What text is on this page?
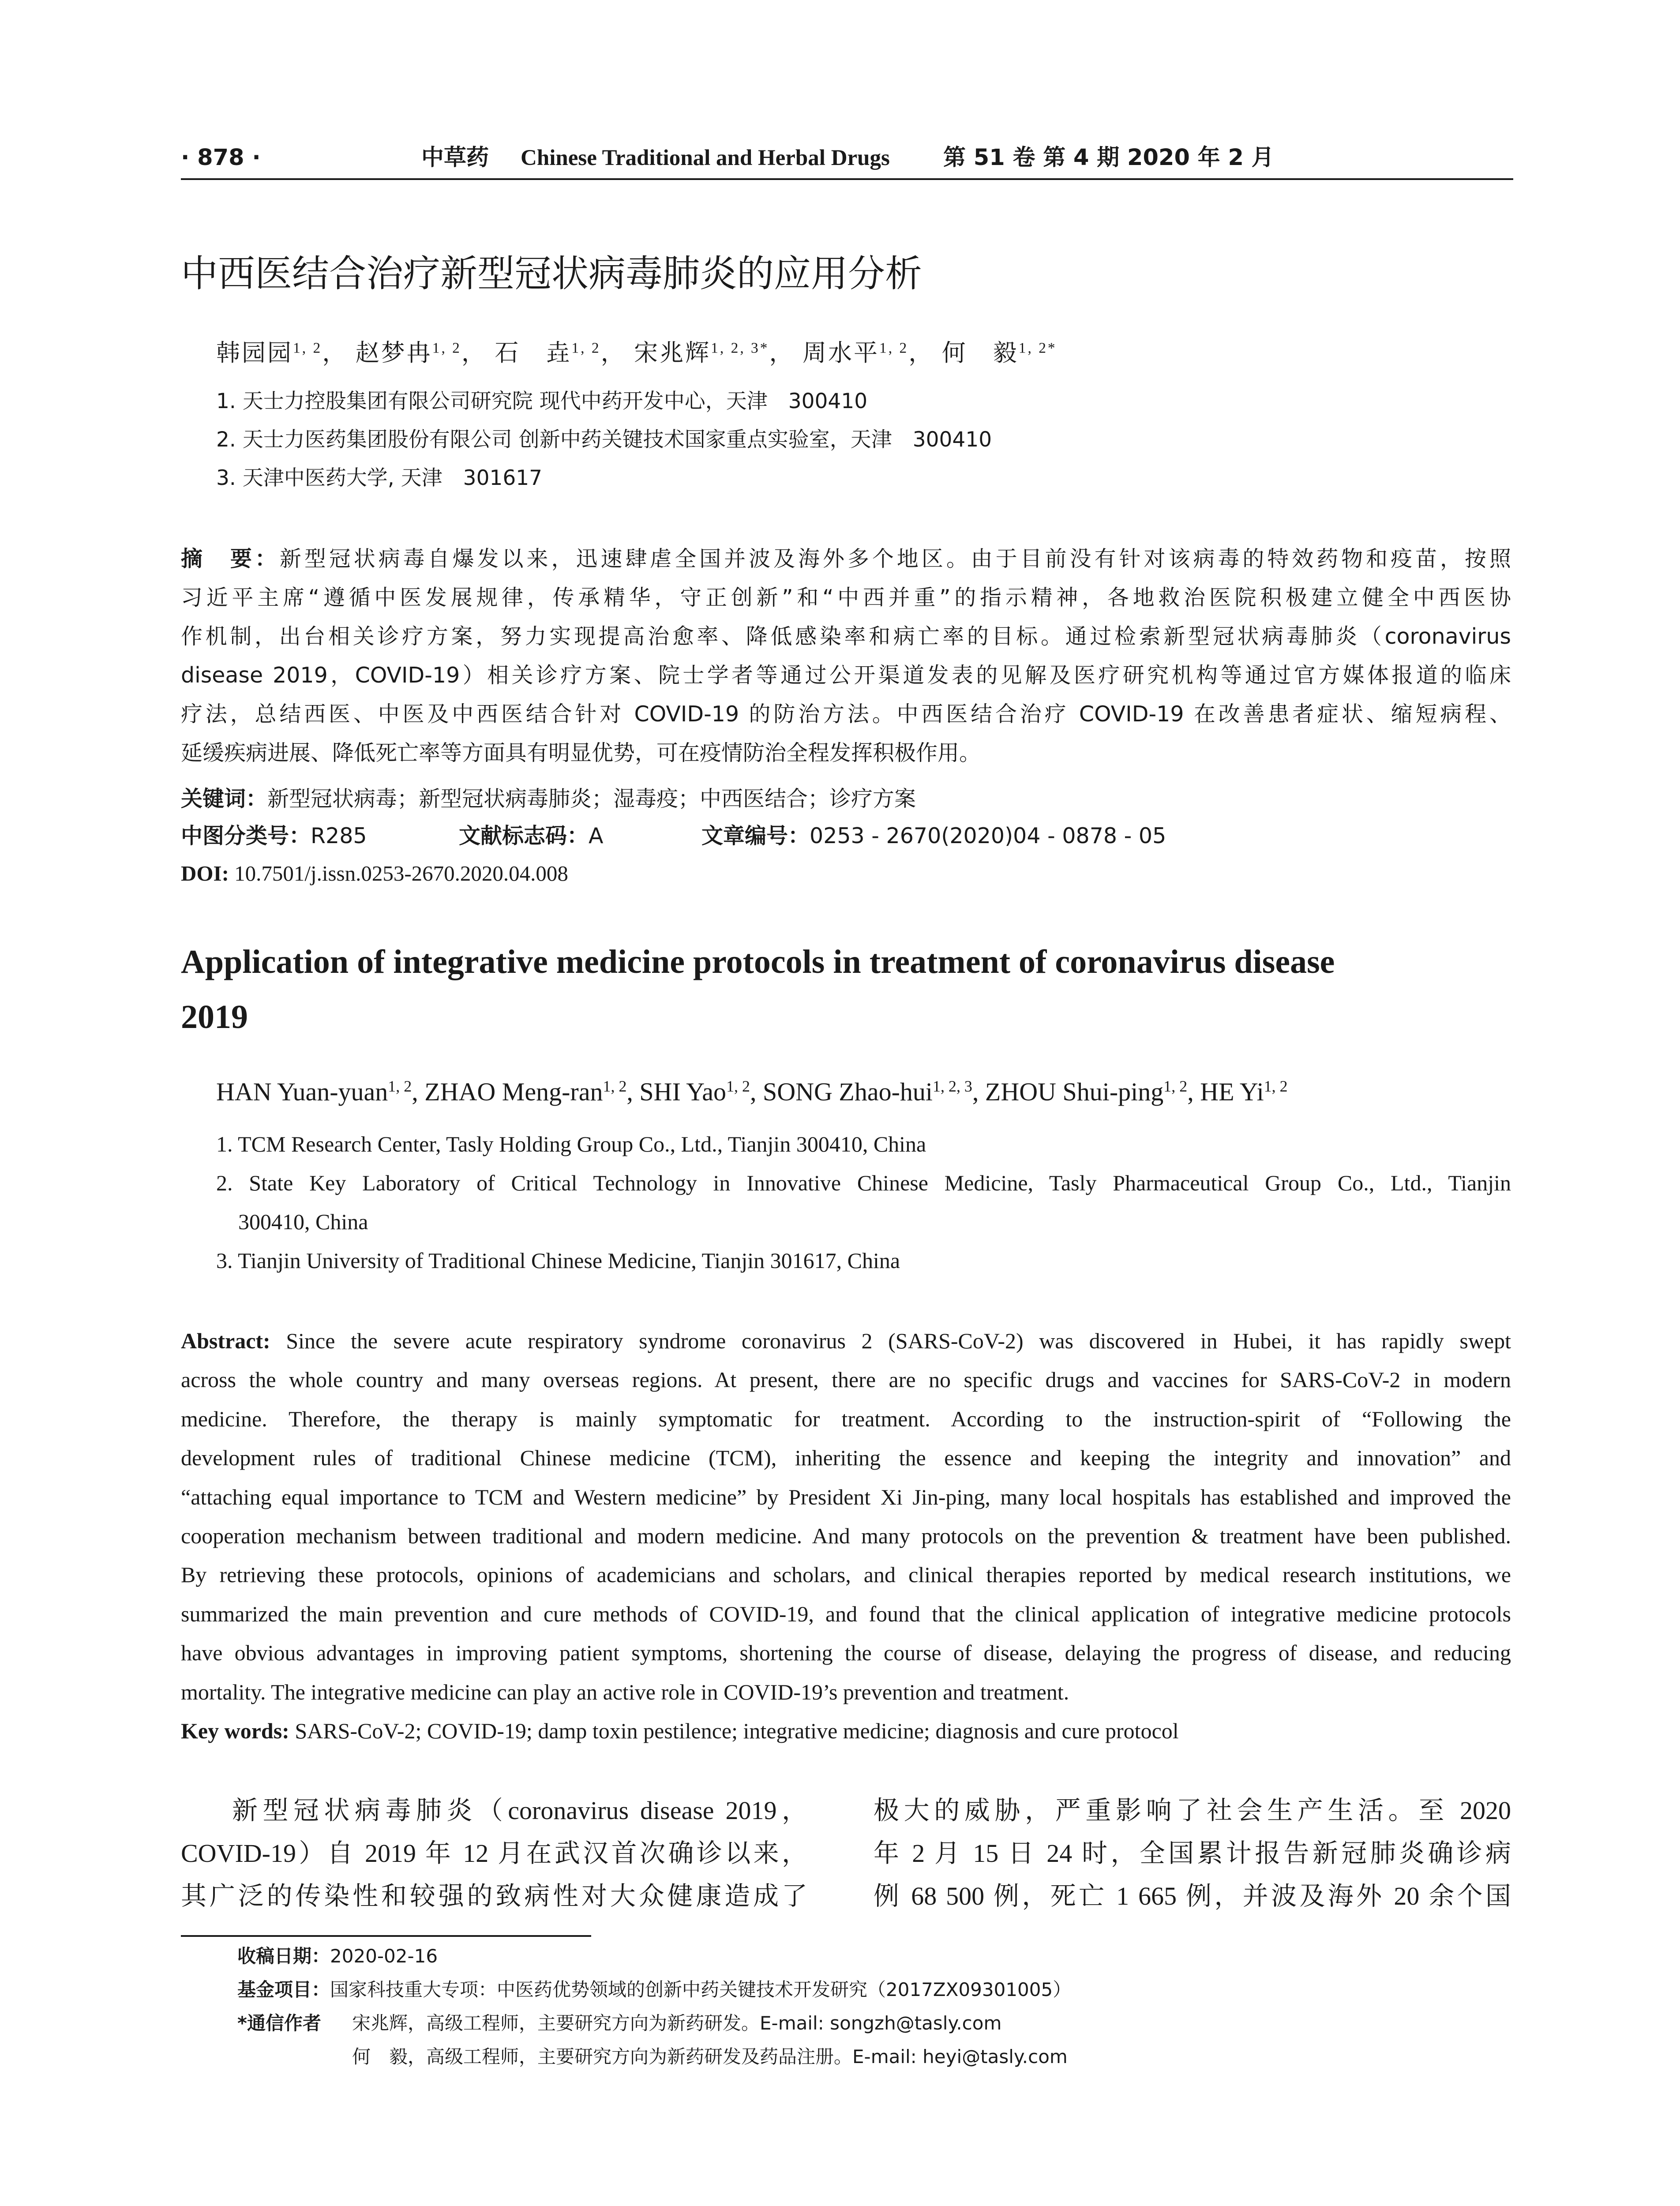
· 878 ·	中草药 Chinese Traditional and Herbal Drugs 第 51 卷 第 4 期 2020 年 2 月
中西医结合治疗新型冠状病毒肺炎的应用分析
韩园园$^{1, 2}$， 赵梦冉$^{1, 2}$， 石　垚$^{1, 2}$， 宋兆辉$^{1, 2, 3*}$， 周水平$^{1, 2}$， 何　毅$^{1, 2*}$
1. 天士力控股集团有限公司研究院 现代中药开发中心，天津　300410
2. 天士力医药集团股份有限公司 创新中药关键技术国家重点实验室，天津　300410
3. 天津中医药大学, 天津　301617
摘　要：新型冠状病毒自爆发以来，迅速肆虐全国并波及海外多个地区。由于目前没有针对该病毒的特效药物和疫苗，按照
习近平主席“遵循中医发展规律，传承精华，守正创新”和“中西并重”的指示精神，各地救治医院积极建立健全中西医协
作机制，出台相关诊疗方案，努力实现提高治愈率、降低感染率和病亡率的目标。通过检索新型冠状病毒肺炎（coronavirus
disease 2019，COVID-19）相关诊疗方案、院士学者等通过公开渠道发表的见解及医疗研究机构等通过官方媒体报道的临床
疗法，总结西医、中医及中西医结合针对 COVID-19 的防治方法。中西医结合治疗 COVID-19 在改善患者症状、缩短病程、
延缓疾病进展、降低死亡率等方面具有明显优势，可在疫情防治全程发挥积极作用。
关键词：新型冠状病毒；新型冠状病毒肺炎；湿毒疫；中西医结合；诊疗方案
中图分类号：R285	文献标志码：A	文章编号：0253 - 2670(2020)04 - 0878 - 05
DOI: 10.7501/j.issn.0253-2670.2020.04.008
Application of integrative medicine protocols in treatment of coronavirus disease
2019
HAN Yuan-yuan$^{1, 2}$, ZHAO Meng-ran$^{1, 2}$, SHI Yao$^{1, 2}$, SONG Zhao-hui$^{1, 2, 3}$, ZHOU Shui-ping$^{1, 2}$, HE Yi$^{1, 2}$
1. TCM Research Center, Tasly Holding Group Co., Ltd., Tianjin 300410, China
2. State Key Laboratory of Critical Technology in Innovative Chinese Medicine, Tasly Pharmaceutical Group Co., Ltd., Tianjin
300410, China
3. Tianjin University of Traditional Chinese Medicine, Tianjin 301617, China
Abstract: Since the severe acute respiratory syndrome coronavirus 2 (SARS-CoV-2) was discovered in Hubei, it has rapidly swept
across the whole country and many overseas regions. At present, there are no specific drugs and vaccines for SARS-CoV-2 in modern
medicine. Therefore, the therapy is mainly symptomatic for treatment. According to the instruction-spirit of “Following the
development rules of traditional Chinese medicine (TCM), inheriting the essence and keeping the integrity and innovation” and
“attaching equal importance to TCM and Western medicine” by President Xi Jin-ping, many local hospitals has established and improved the
cooperation mechanism between traditional and modern medicine. And many protocols on the prevention & treatment have been published.
By retrieving these protocols, opinions of academicians and scholars, and clinical therapies reported by medical research institutions, we
summarized the main prevention and cure methods of COVID-19, and found that the clinical application of integrative medicine protocols
have obvious advantages in improving patient symptoms, shortening the course of disease, delaying the progress of disease, and reducing
mortality. The integrative medicine can play an active role in COVID-19’s prevention and treatment.
Key words: SARS-CoV-2; COVID-19; damp toxin pestilence; integrative medicine; diagnosis and cure protocol
新型冠状病毒肺炎（coronavirus disease 2019，
COVID-19）自 2019 年 12 月在武汉首次确诊以来，
其广泛的传染性和较强的致病性对大众健康造成了
极大的威胁，严重影响了社会生产生活。至 2020
年 2 月 15 日 24 时，全国累计报告新冠肺炎确诊病
例 68 500 例，死亡 1 665 例，并波及海外 20 余个国
收稿日期：2020-02-16
基金项目：国家科技重大专项：中医药优势领域的创新中药关键技术开发研究（2017ZX09301005）
*通信作者 宋兆辉，高级工程师，主要研究方向为新药研发。E-mail: songzh@tasly.com
何　毅，高级工程师，主要研究方向为新药研发及药品注册。E-mail: heyi@tasly.com
